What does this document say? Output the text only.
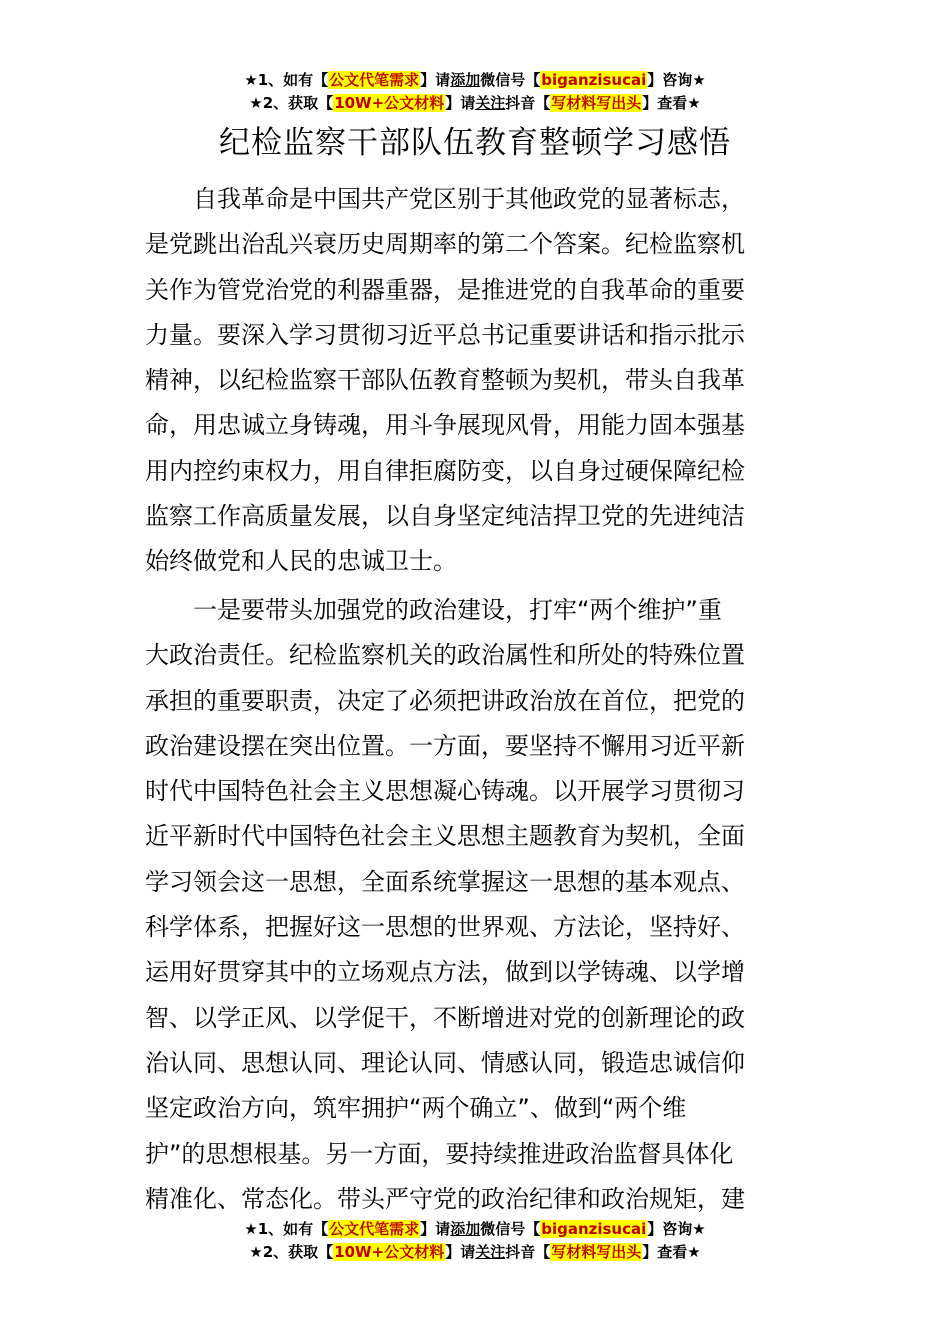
★1、如有【公文代笔需求】请添加微信号【biganzisucai】咨询★
★2、获取【10W+公文材料】请关注抖音【写材料写出头】查看★
纪检监察干部队伍教育整顿学习感悟
　　自我革命是中国共产党区别于其他政党的显著标志，
是党跳出治乱兴衰历史周期率的第二个答案。纪检监察机
关作为管党治党的利器重器，是推进党的自我革命的重要
力量。要深入学习贯彻习近平总书记重要讲话和指示批示
精神，以纪检监察干部队伍教育整顿为契机，带头自我革
命，用忠诚立身铸魂，用斗争展现风骨，用能力固本强基
用内控约束权力，用自律拒腐防变，以自身过硬保障纪检
监察工作高质量发展，以自身坚定纯洁捍卫党的先进纯洁
始终做党和人民的忠诚卫士。
　　一是要带头加强党的政治建设，打牢“两个维护”重
大政治责任。纪检监察机关的政治属性和所处的特殊位置
承担的重要职责，决定了必须把讲政治放在首位，把党的
政治建设摆在突出位置。一方面，要坚持不懈用习近平新
时代中国特色社会主义思想凝心铸魂。以开展学习贯彻习
近平新时代中国特色社会主义思想主题教育为契机，全面
学习领会这一思想，全面系统掌握这一思想的基本观点、
科学体系，把握好这一思想的世界观、方法论，坚持好、
运用好贯穿其中的立场观点方法，做到以学铸魂、以学增
智、以学正风、以学促干，不断增进对党的创新理论的政
治认同、思想认同、理论认同、情感认同，锻造忠诚信仰
坚定政治方向，筑牢拥护“两个确立”、做到“两个维
护”的思想根基。另一方面，要持续推进政治监督具体化
精准化、常态化。带头严守党的政治纪律和政治规矩，建
★1、如有【公文代笔需求】请添加微信号【biganzisucai】咨询★
★2、获取【10W+公文材料】请关注抖音【写材料写出头】查看★
